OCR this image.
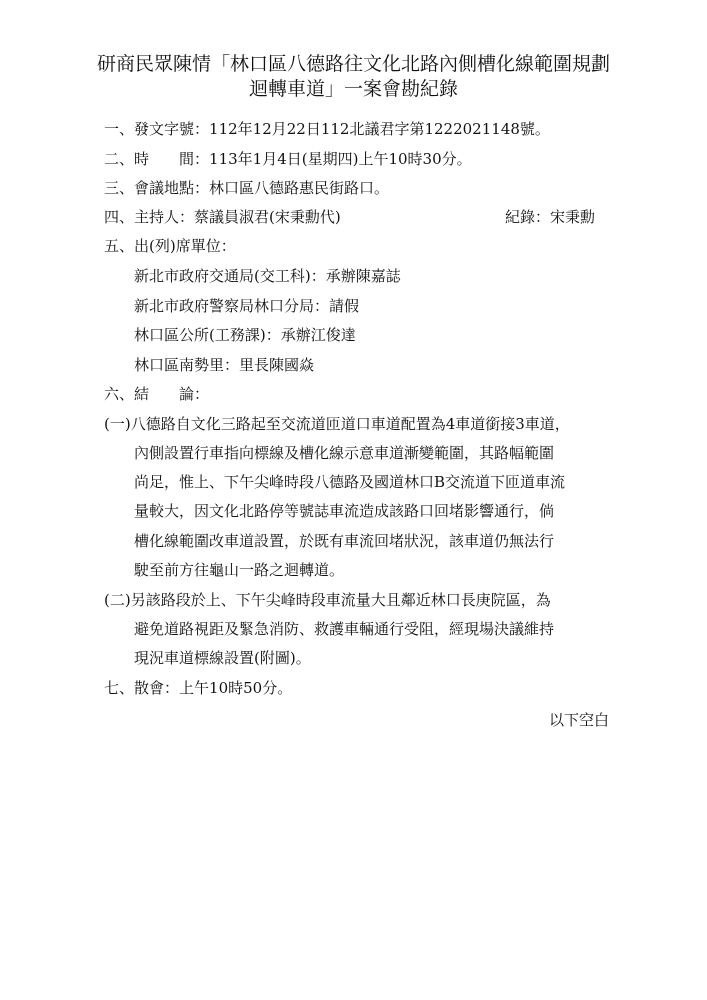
研商民眾陳情「林口區八德路往文化北路內側槽化線範圍規劃
迴轉車道」一案會勘紀錄
一、發文字號：112年12月22日112北議君字第1222021148號。
二、時 間：113年1月4日(星期四)上午10時30分。
三、會議地點：林口區八德路惠民街路口。
四、主持人：蔡議員淑君(宋秉勳代)	紀錄：宋秉勳
五、出(列)席單位：
新北市政府交通局(交工科)：承辦陳嘉誌
新北市政府警察局林口分局：請假
林口區公所(工務課)：承辦江俊達
林口區南勢里：里長陳國焱
六、結 論：
(一)八德路自文化三路起至交流道匝道口車道配置為4車道銜接3車道，
內側設置行車指向標線及槽化線示意車道漸變範圍，其路幅範圍
尚足，惟上、下午尖峰時段八德路及國道林口B交流道下匝道車流
量較大，因文化北路停等號誌車流造成該路口回堵影響通行，倘
槽化線範圍改車道設置，於既有車流回堵狀況，該車道仍無法行
駛至前方往龜山一路之迴轉道。
(二)另該路段於上、下午尖峰時段車流量大且鄰近林口長庚院區，為
避免道路視距及緊急消防、救護車輛通行受阻，經現場決議維持
現況車道標線設置(附圖)。
七、散會：上午10時50分。
以下空白
